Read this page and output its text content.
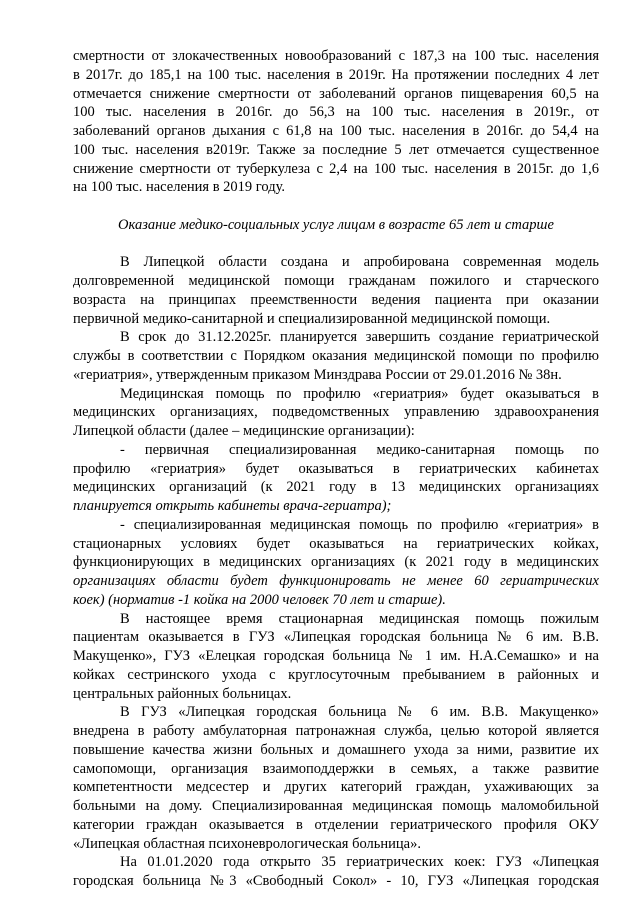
смертности от злокачественных новообразований с 187,3 на 100 тыс. населения
в 2017г. до 185,1 на 100 тыс. населения в 2019г. На протяжении последних 4 лет
отмечается снижение смертности от заболеваний органов пищеварения 60,5 на
100 тыс. населения в 2016г. до 56,3 на 100 тыс. населения в 2019г., от
заболеваний органов дыхания с 61,8 на 100 тыс. населения в 2016г. до 54,4 на
100 тыс. населения в2019г. Также за последние 5 лет отмечается существенное
снижение смертности от туберкулеза с 2,4 на 100 тыс. населения в 2015г. до 1,6
на 100 тыс. населения в 2019 году.
Оказание медико-социальных услуг лицам в возрасте 65 лет и старше
В Липецкой области создана и апробирована современная модель
долговременной медицинской помощи гражданам пожилого и старческого
возраста на принципах преемственности ведения пациента при оказании
первичной медико-санитарной и специализированной медицинской помощи.
В срок до 31.12.2025г. планируется завершить создание гериатрической
службы в соответствии с Порядком оказания медицинской помощи по профилю
«гериатрия», утвержденным приказом Минздрава России от 29.01.2016 № 38н.
Медицинская помощь по профилю «гериатрия» будет оказываться в
медицинских организациях, подведомственных управлению здравоохранения
Липецкой области (далее – медицинские организации):
- первичная специализированная медико-санитарная помощь по
профилю «гериатрия» будет оказываться в гериатрических кабинетах
медицинских организаций (к 2021 году в 13 медицинских организациях
планируется открыть кабинеты врача-гериатра);
- специализированная медицинская помощь по профилю «гериатрия» в
стационарных условиях будет оказываться на гериатрических койках,
функционирующих в медицинских организациях (к 2021 году в медицинских
организациях области будет функционировать не менее 60 гериатрических
коек) (норматив -1 койка на 2000 человек 70 лет и старше).
В настоящее время стационарная медицинская помощь пожилым
пациентам оказывается в ГУЗ «Липецкая городская больница № 6 им. В.В.
Макущенко», ГУЗ «Елецкая городская больница № 1 им. Н.А.Семашко» и на
койках сестринского ухода с круглосуточным пребыванием в районных и
центральных районных больницах.
В ГУЗ «Липецкая городская больница № 6 им. В.В. Макущенко»
внедрена в работу амбулаторная патронажная служба, целью которой является
повышение качества жизни больных и домашнего ухода за ними, развитие их
самопомощи, организация взаимоподдержки в семьях, а также развитие
компетентности медсестер и других категорий граждан, ухаживающих за
больными на дому. Специализированная медицинская помощь маломобильной
категории граждан оказывается в отделении гериатрического профиля ОКУ
«Липецкая областная психоневрологическая больница».
На 01.01.2020 года открыто 35 гериатрических коек: ГУЗ «Липецкая
городская больница №3 «Свободный Сокол» - 10, ГУЗ «Липецкая городская
